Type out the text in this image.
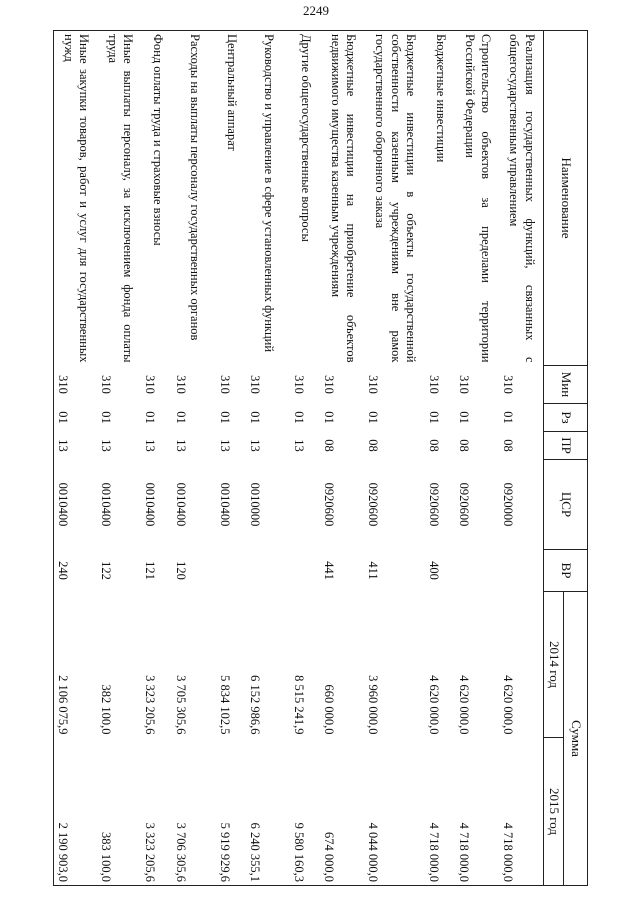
2249
Наименование	Мин	Рз	ПР	ЦСР	ВР	Сумма	
						2014 год	2015 год
Реализация государственных функций, связанных с общегосударственным управлением	310	01	08	0920000		4 620 000,0	4 718 000,0
Строительство объектов за пределами территории Российской Федерации	310	01	08	0920600		4 620 000,0	4 718 000,0
Бюджетные инвестиции	310	01	08	0920600	400	4 620 000,0	4 718 000,0
Бюджетные инвестиции в объекты государственной собственности казенным учреждениям вне рамок государственного оборонного заказа	310	01	08	0920600	411	3 960 000,0	4 044 000,0
Бюджетные инвестиции на приобретение объектов недвижимого имущества казенным учреждениям	310	01	08	0920600	441	660 000,0	674 000,0
Другие общегосударственные вопросы	310	01	13			8 515 241,9	9 580 160,3
Руководство и управление в сфере установленных функций	310	01	13	0010000		6 152 986,6	6 240 355,1
Центральный аппарат	310	01	13	0010400		5 834 102,5	5 919 929,6
Расходы на выплаты персоналу государственных органов	310	01	13	0010400	120	3 705 305,6	3 706 305,6
Фонд оплаты труда и страховые взносы	310	01	13	0010400	121	3 323 205,6	3 323 205,6
Иные выплаты персоналу, за исключением фонда оплаты труда	310	01	13	0010400	122	382 100,0	383 100,0
Иные закупки товаров, работ и услуг для государственных нужд	310	01	13	0010400	240	2 106 075,9	2 190 903,0
